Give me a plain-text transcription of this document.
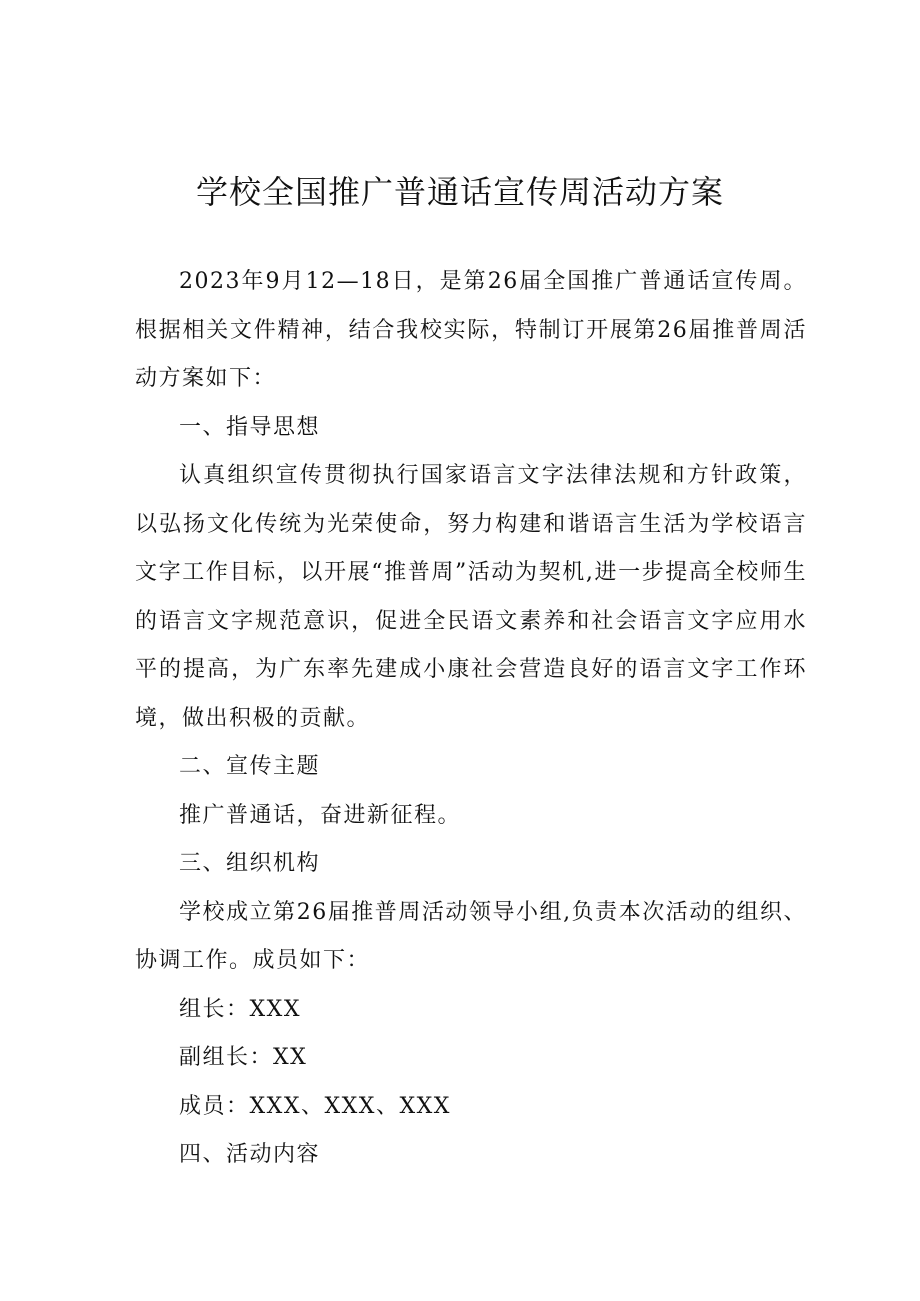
学校全国推广普通话宣传周活动方案

2023年9月12—18日，是第26届全国推广普通话宣传周。根据相关文件精神，结合我校实际，特制订开展第26届推普周活动方案如下：

一、指导思想

认真组织宣传贯彻执行国家语言文字法律法规和方针政策，以弘扬文化传统为光荣使命，努力构建和谐语言生活为学校语言文字工作目标，以开展“推普周”活动为契机,进一步提高全校师生的语言文字规范意识，促进全民语文素养和社会语言文字应用水平的提高，为广东率先建成小康社会营造良好的语言文字工作环境，做出积极的贡献。

二、宣传主题

推广普通话，奋进新征程。

三、组织机构

学校成立第26届推普周活动领导小组,负责本次活动的组织、协调工作。成员如下：

组长：XXX

副组长：XX

成员：XXX、XXX、XXX

四、活动内容
